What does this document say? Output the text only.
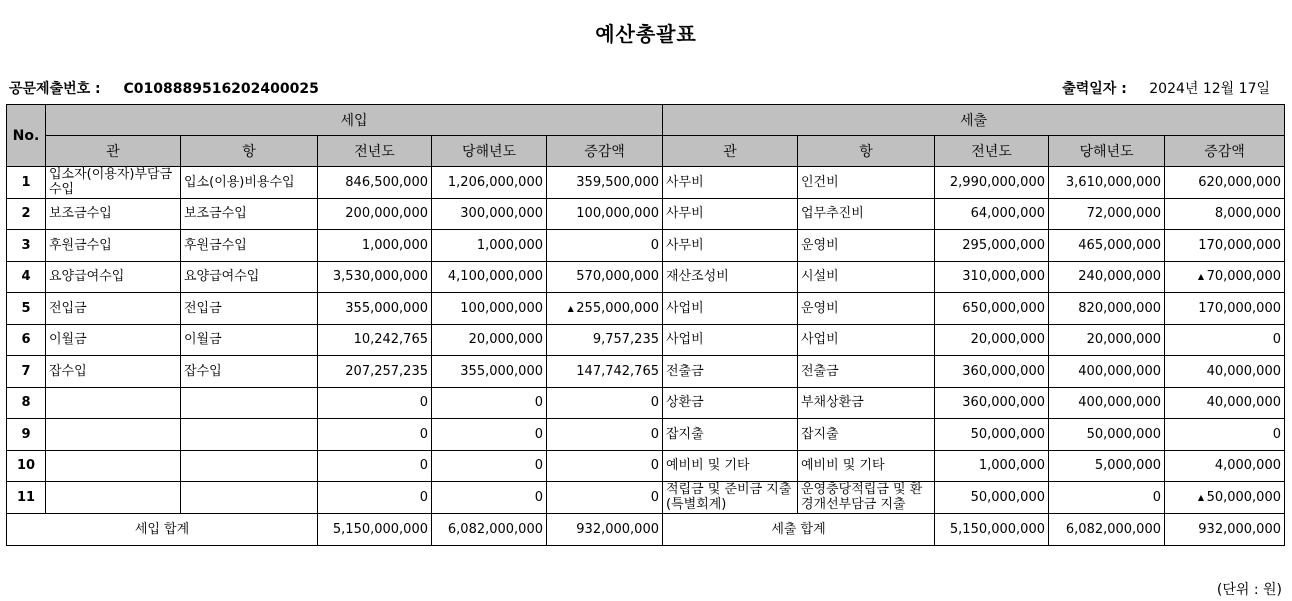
예산총괄표
공문제출번호 : C0108889516202400025	출력일자 : 2024년 12월 17일
No.	세입					세출				
	관	항	전년도	당해년도	증감액	관	항	전년도	당해년도	증감액
1	입소자(이용자)부담금수입	입소(이용)비용수입	846,500,000	1,206,000,000	359,500,000	사무비	인건비	2,990,000,000	3,610,000,000	620,000,000
2	보조금수입	보조금수입	200,000,000	300,000,000	100,000,000	사무비	업무추진비	64,000,000	72,000,000	8,000,000
3	후원금수입	후원금수입	1,000,000	1,000,000	0	사무비	운영비	295,000,000	465,000,000	170,000,000
4	요양급여수입	요양급여수입	3,530,000,000	4,100,000,000	570,000,000	재산조성비	시설비	310,000,000	240,000,000	▲ 70,000,000
5	전입금	전입금	355,000,000	100,000,000	▲ 255,000,000	사업비	운영비	650,000,000	820,000,000	170,000,000
6	이월금	이월금	10,242,765	20,000,000	9,757,235	사업비	사업비	20,000,000	20,000,000	0
7	잡수입	잡수입	207,257,235	355,000,000	147,742,765	전출금	전출금	360,000,000	400,000,000	40,000,000
8			0	0	0	상환금	부채상환금	360,000,000	400,000,000	40,000,000
9			0	0	0	잡지출	잡지출	50,000,000	50,000,000	0
10			0	0	0	예비비 및 기타	예비비 및 기타	1,000,000	5,000,000	4,000,000
11			0	0	0	적립금 및 준비금 지출(특별회계)	운영충당적립금 및 환경개선부담금 지출	50,000,000	0	▲ 50,000,000
세입 합계			5,150,000,000	6,082,000,000	932,000,000	세출 합계		5,150,000,000	6,082,000,000	932,000,000
(단위 : 원)
